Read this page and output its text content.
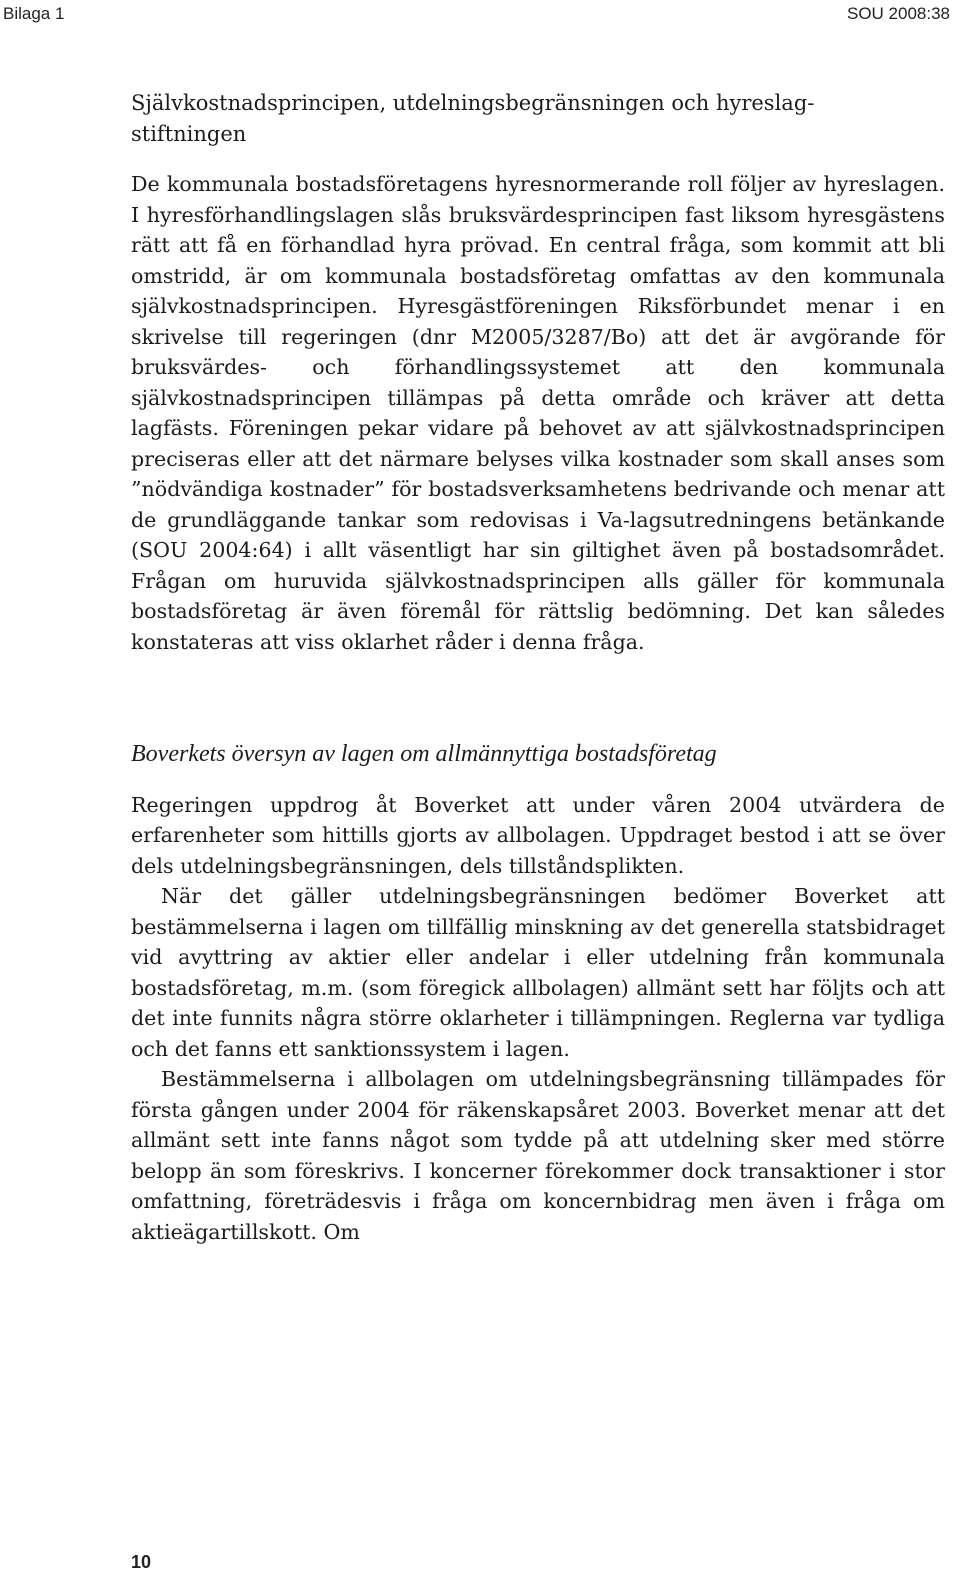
Bilaga 1	SOU 2008:38
Självkostnadsprincipen, utdelningsbegränsningen och hyreslag-
stiftningen

De kommunala bostadsföretagens hyresnormerande roll följer av hyreslagen. I hyresförhandlingslagen slås bruksvärdesprincipen fast liksom hyresgästens rätt att få en förhandlad hyra prövad. En central fråga, som kommit att bli omstridd, är om kommunala bostadsföretag omfattas av den kommunala självkostnadsprincipen. Hyresgästföreningen Riksförbundet menar i en skrivelse till regeringen (dnr M2005/3287/Bo) att det är avgörande för bruksvärdes- och förhandlingssystemet att den kommunala självkostnadsprincipen tillämpas på detta område och kräver att detta lagfästs. Föreningen pekar vidare på behovet av att självkostnadsprincipen preciseras eller att det närmare belyses vilka kostnader som skall anses som ”nödvändiga kostnader” för bostadsverksamhetens bedrivande och menar att de grundläggande tankar som redovisas i Va-lagsutredningens betänkande (SOU 2004:64) i allt väsentligt har sin giltighet även på bostadsområdet. Frågan om huruvida självkostnadsprincipen alls gäller för kommunala bostadsföretag är även föremål för rättslig bedömning. Det kan således konstateras att viss oklarhet råder i denna fråga.

Boverkets översyn av lagen om allmännyttiga bostadsföretag

Regeringen uppdrog åt Boverket att under våren 2004 utvärdera de erfarenheter som hittills gjorts av allbolagen. Uppdraget bestod i att se över dels utdelningsbegränsningen, dels tillståndsplikten.

När det gäller utdelningsbegränsningen bedömer Boverket att bestämmelserna i lagen om tillfällig minskning av det generella statsbidraget vid avyttring av aktier eller andelar i eller utdelning från kommunala bostadsföretag, m.m. (som föregick allbolagen) allmänt sett har följts och att det inte funnits några större oklarheter i tillämpningen. Reglerna var tydliga och det fanns ett sanktionssystem i lagen.

Bestämmelserna i allbolagen om utdelningsbegränsning tillämpades för första gången under 2004 för räkenskapsåret 2003. Boverket menar att det allmänt sett inte fanns något som tydde på att utdelning sker med större belopp än som föreskrivs. I koncerner förekommer dock transaktioner i stor omfattning, företrädesvis i fråga om koncernbidrag men även i fråga om aktieägartillskott. Om

10
